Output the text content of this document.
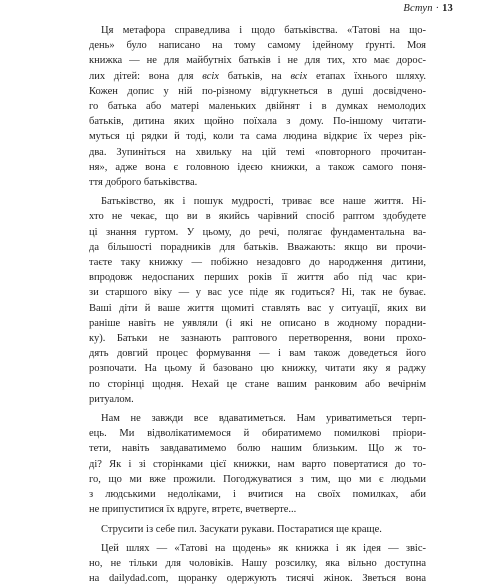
Вступ · 13
Ця метафора справедлива і щодо батьківства. «Татові на що-
день» було написано на тому самому ідейному ґрунті. Моя
книжка — не для майбутніх батьків і не для тих, хто має дорос-
лих дітей: вона для всіх батьків, на всіх етапах їхнього шляху.
Кожен допис у ній по-різному відгукнеться в душі досвідчено-
го батька або матері маленьких двійнят і в думках немолодих
батьків, дитина яких щойно поїхала з дому. По-іншому читати-
муться ці рядки й тоді, коли та сама людина відкриє їх через рік-
два. Зупиніться на хвильку на цій темі «повторного прочитан-
ня», адже вона є головною ідеєю книжки, а також самого поня-
ття доброго батьківства.
Батьківство, як і пошук мудрості, триває все наше життя. Ні-
хто не чекає, що ви в якийсь чарівний спосіб раптом здобудете
ці знання гуртом. У цьому, до речі, полягає фундаментальна ва-
да більшості порадників для батьків. Вважають: якщо ви прочи-
таєте таку книжку — побіжно незадовго до народження дитини,
впродовж недоспаних перших років її життя або під час кри-
зи старшого віку — у вас усе піде як годиться? Ні, так не буває.
Ваші діти й ваше життя щомиті ставлять вас у ситуації, яких ви
раніше навіть не уявляли (і які не описано в жодному порадни-
ку). Батьки не зазнають раптового перетворення, вони прохо-
дять довгий процес формування — і вам також доведеться його
розпочати. На цьому й базовано цю книжку, читати яку я раджу
по сторінці щодня. Нехай це стане вашим ранковим або вечірнім
ритуалом.
Нам не завжди все вдаватиметься. Нам уриватиметься терп-
ець. Ми відволікатимемося й обиратимемо помилкові пріори-
тети, навіть завдаватимемо болю нашим близьким. Що ж то-
ді? Як і зі сторінками цієї книжки, нам варто повертатися до то-
го, що ми вже прожили. Погоджуватися з тим, що ми є людьми
з людськими недоліками, і вчитися на своїх помилках, аби
не припуститися їх вдруге, втретє, вчетверте...
Струсити із себе пил. Засукати рукави. Постаратися ще краще.
Цей шлях — «Татові на щодень» як книжка і як ідея — звіс-
но, не тільки для чоловіків. Нашу розсилку, яка вільно доступна
на dailydad.com, щоранку одержують тисячі жінок. Зветься вона
